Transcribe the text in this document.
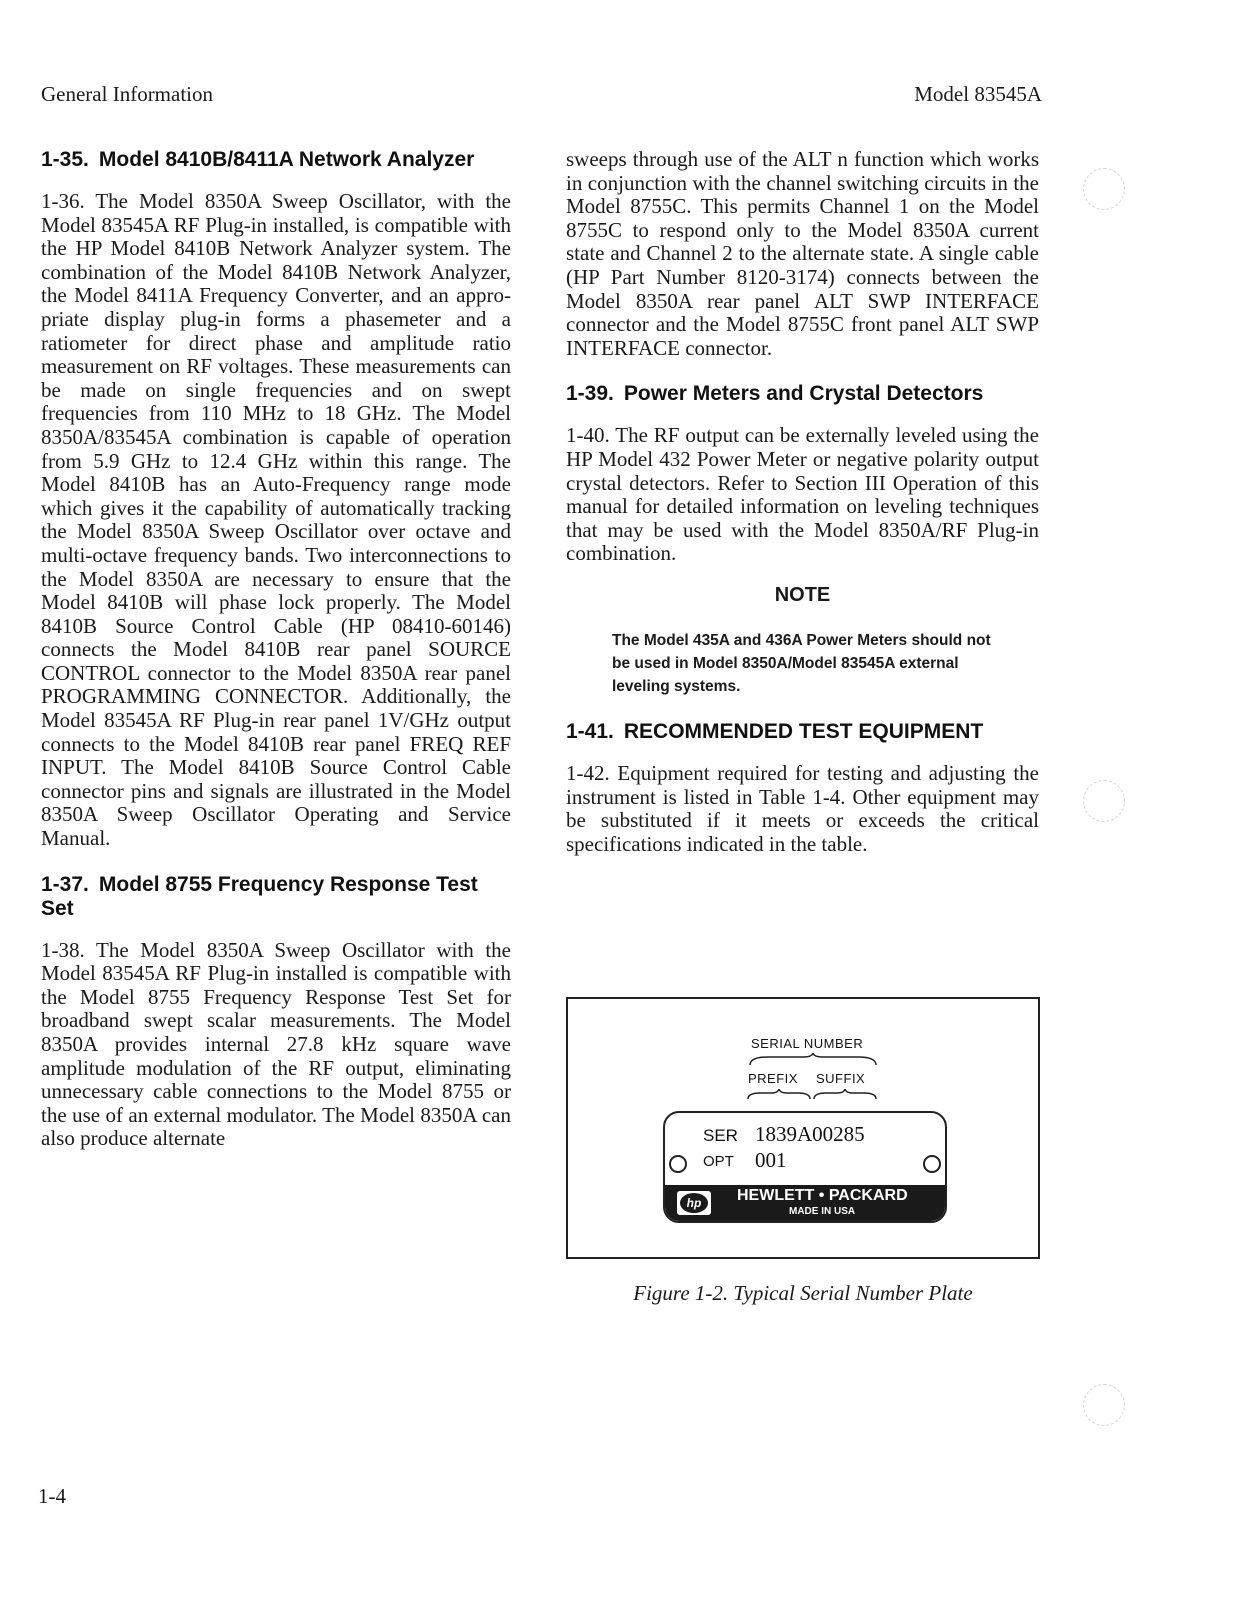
General Information	Model 83545A
1-35. Model 8410B/8411A Network Analyzer

1-36. The Model 8350A Sweep Oscillator, with the Model 83545A RF Plug-in installed, is compatible with the HP Model 8410B Network Analyzer system. The combination of the Model 8410B Network Analyzer, the Model 8411A Frequency Converter, and an appropriate display plug-in forms a phasemeter and a ratiometer for direct phase and amplitude ratio measurement on RF voltages. These measurements can be made on single frequencies and on swept frequencies from 110 MHz to 18 GHz. The Model 8350A/83545A combination is capable of operation from 5.9 GHz to 12.4 GHz within this range. The Model 8410B has an Auto-Frequency range mode which gives it the capability of automatically tracking the Model 8350A Sweep Oscillator over octave and multi-octave frequency bands. Two interconnections to the Model 8350A are necessary to ensure that the Model 8410B will phase lock properly. The Model 8410B Source Control Cable (HP 08410-60146) connects the Model 8410B rear panel SOURCE CONTROL connector to the Model 8350A rear panel PROGRAMMING CONNECTOR. Additionally, the Model 83545A RF Plug-in rear panel 1V/GHz output connects to the Model 8410B rear panel FREQ REF INPUT. The Model 8410B Source Control Cable connector pins and signals are illustrated in the Model 8350A Sweep Oscillator Operating and Service Manual.

1-37. Model 8755 Frequency Response Test Set

1-38. The Model 8350A Sweep Oscillator with the Model 83545A RF Plug-in installed is compatible with the Model 8755 Frequency Response Test Set for broadband swept scalar measurements. The Model 8350A provides internal 27.8 kHz square wave amplitude modulation of the RF output, eliminating unnecessary cable connections to the Model 8755 or the use of an external modulator. The Model 8350A can also produce alternate

sweeps through use of the ALT n function which works in conjunction with the channel switching circuits in the Model 8755C. This permits Channel 1 on the Model 8755C to respond only to the Model 8350A current state and Channel 2 to the alternate state. A single cable (HP Part Number 8120-3174) connects between the Model 8350A rear panel ALT SWP INTERFACE connector and the Model 8755C front panel ALT SWP INTERFACE connector.

1-39. Power Meters and Crystal Detectors

1-40. The RF output can be externally leveled using the HP Model 432 Power Meter or negative polarity output crystal detectors. Refer to Section III Operation of this manual for detailed information on leveling techniques that may be used with the Model 8350A/RF Plug-in combination.

NOTE
The Model 435A and 436A Power Meters should not be used in Model 8350A/Model 83545A external leveling systems.
1-41. RECOMMENDED TEST EQUIPMENT

1-42. Equipment required for testing and adjusting the instrument is listed in Table 1-4. Other equipment may be substituted if it meets or exceeds the critical specifications indicated in the table.

SERIAL NUMBER
PREFIX SUFFIX
SER 1839A00285
OPT 001
hp	HEWLETT • PACKARD
MADE IN USA
Figure 1-2. Typical Serial Number Plate
1-4
